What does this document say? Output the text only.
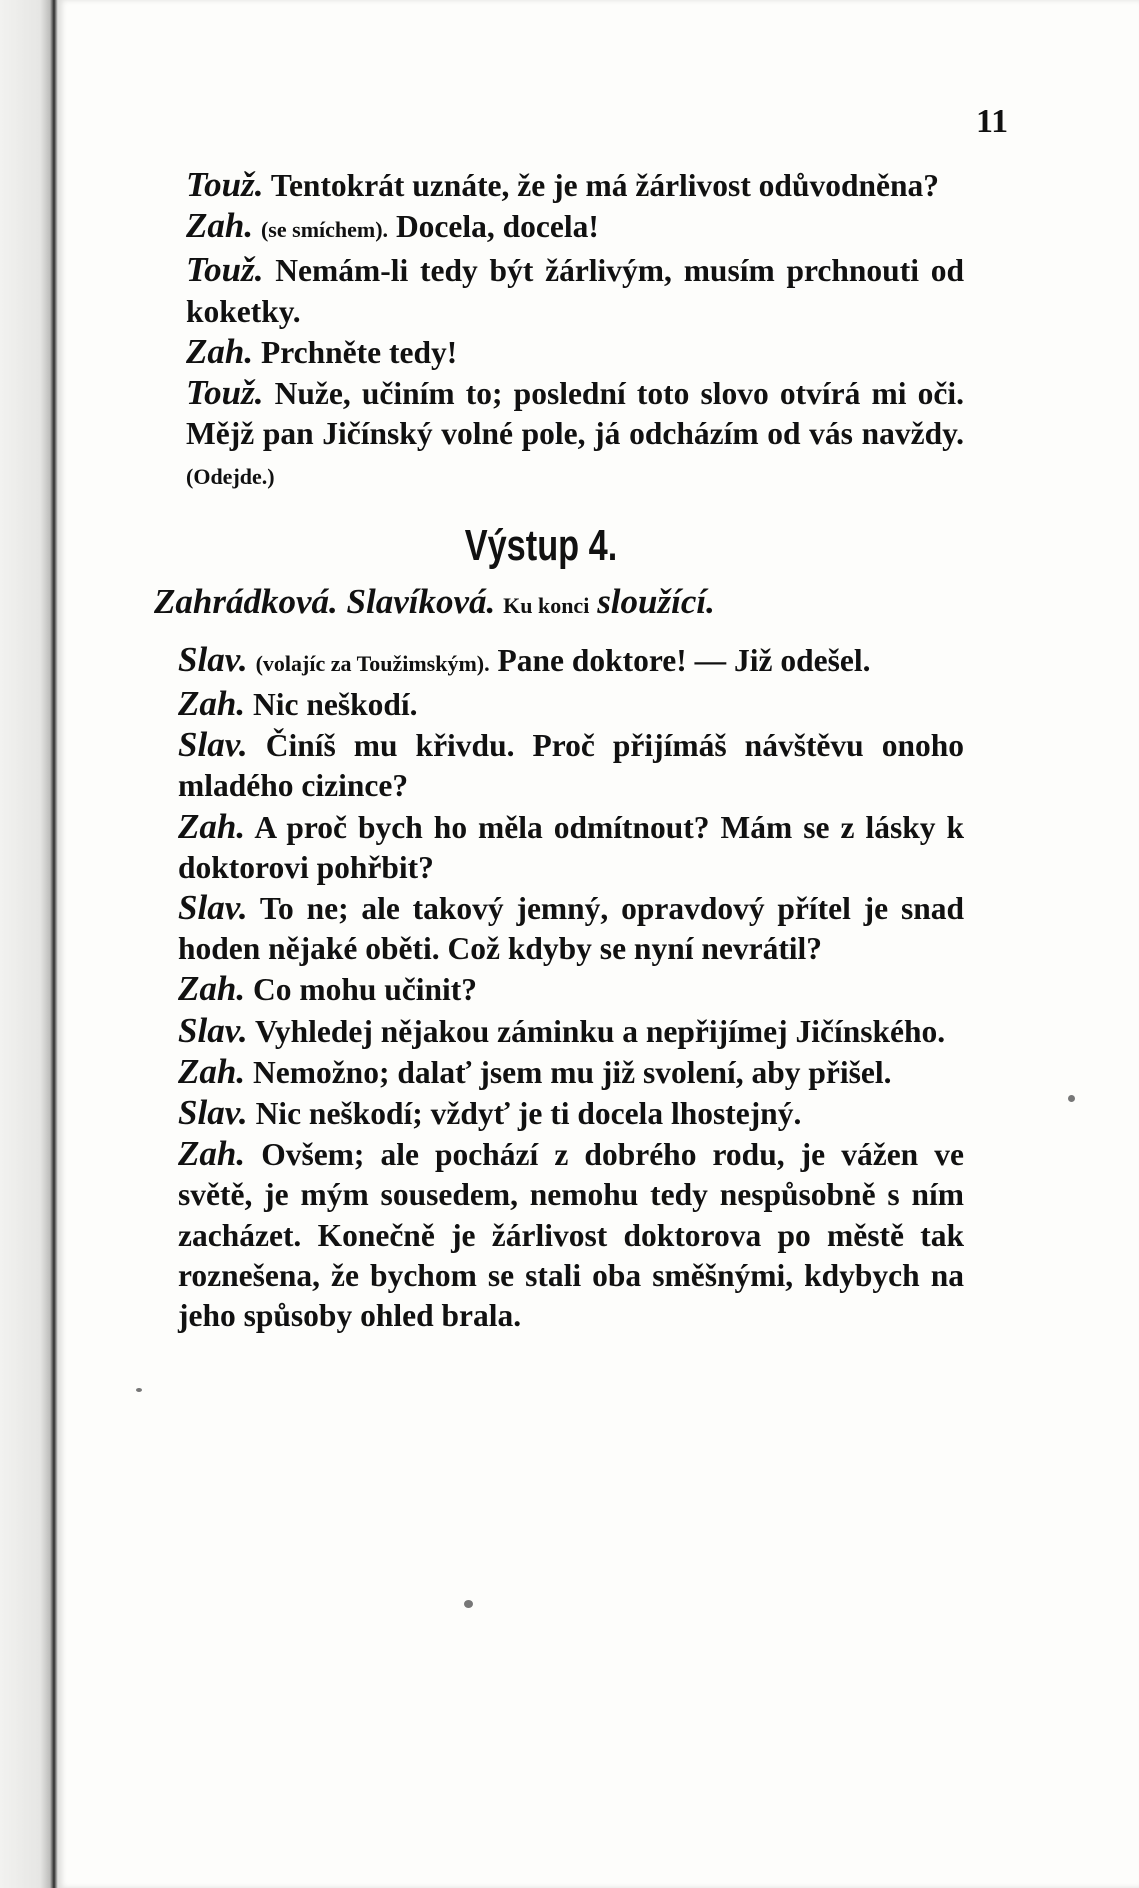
11

Touž. Tentokrát uznáte, že je má žárlivost odůvodněna?

Zah. (se smíchem). Docela, docela!

Touž. Nemám-li tedy být žárlivým, musím prchnouti od koketky.

Zah. Prchněte tedy!

Touž. Nuže, učiním to; poslední toto slovo otvírá mi oči. Mějž pan Jičínský volné pole, já odcházím od vás navždy. (Odejde.)

Výstup 4.

Zahrádková. Slavíková. Ku konci sloužící.

Slav. (volajíc za Toužimským). Pane doktore! — Již odešel.

Zah. Nic neškodí.

Slav. Činíš mu křivdu. Proč přijímáš návštěvu onoho mladého cizince?

Zah. A proč bych ho měla odmítnout? Mám se z lásky k doktorovi pohřbit?

Slav. To ne; ale takový jemný, opravdový přítel je snad hoden nějaké oběti. Což kdyby se nyní nevrátil?

Zah. Co mohu učinit?

Slav. Vyhledej nějakou záminku a nepřijímej Jičínského.

Zah. Nemožno; dalať jsem mu již svolení, aby přišel.

Slav. Nic neškodí; vždyť je ti docela lhostejný.

Zah. Ovšem; ale pochází z dobrého rodu, je vážen ve světě, je mým sousedem, nemohu tedy nespůsobně s ním zacházet. Konečně je žárlivost doktorova po městě tak roznešena, že bychom se stali oba směšnými, kdybych na jeho spůsoby ohled brala.
